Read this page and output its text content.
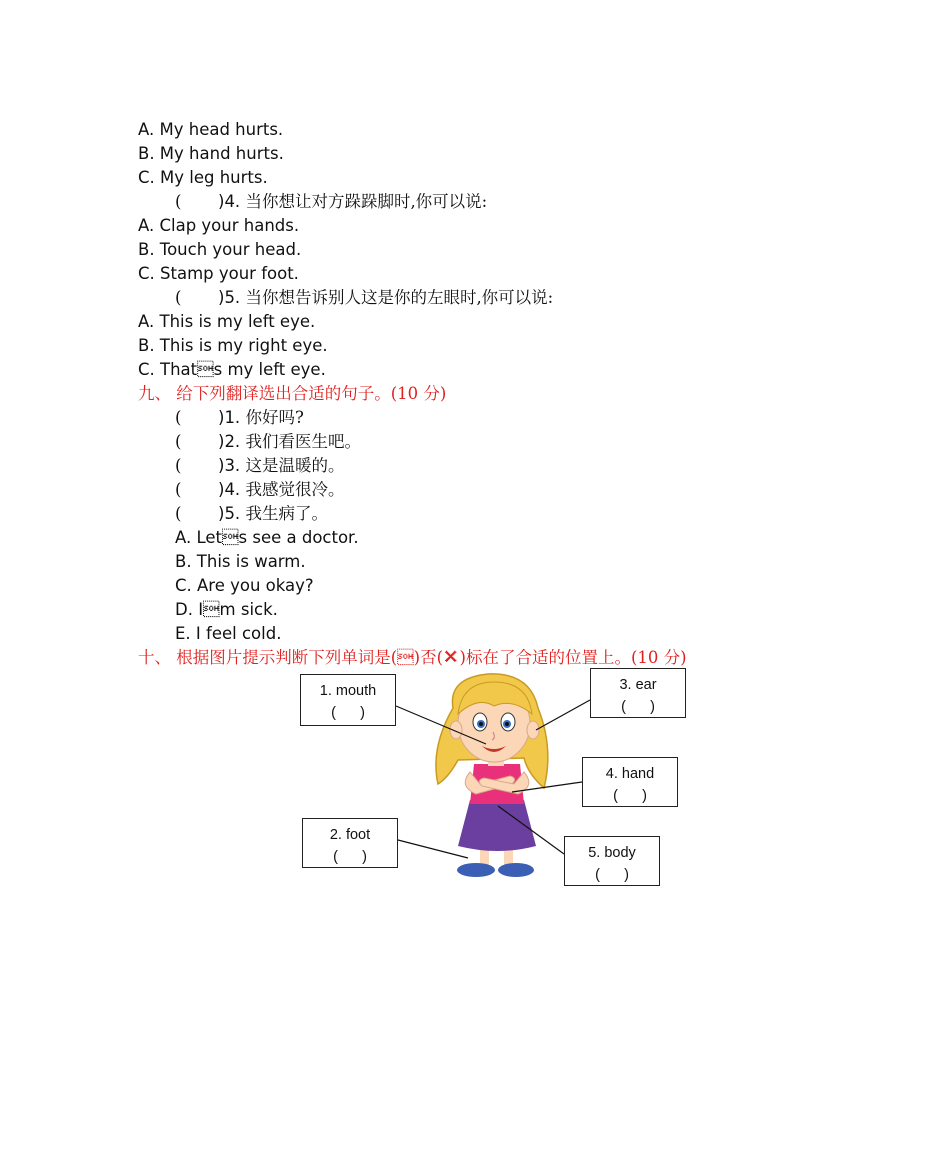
A. My head hurts.
B. My hand hurts.
C. My leg hurts.
( )4. 当你想让对方跺跺脚时,你可以说:
A. Clap your hands.
B. Touch your head.
C. Stamp your foot.
( )5. 当你想告诉别人这是你的左眼时,你可以说:
A. This is my left eye.
B. This is my right eye.
C. Thats my left eye.
九、 给下列翻译选出合适的句子。(10 分)
( )1. 你好吗?
( )2. 我们看医生吧。
( )3. 这是温暖的。
( )4. 我感觉很冷。
( )5. 我生病了。
A. Lets see a doctor.
B. This is warm.
C. Are you okay?
D. Im sick.
E. I feel cold.
十、 根据图片提示判断下列单词是()否(✕)标在了合适的位置上。(10 分)
1. mouth
(      )
2. foot
(      )
3. ear
(      )
4. hand
(      )
5. body
(      )
